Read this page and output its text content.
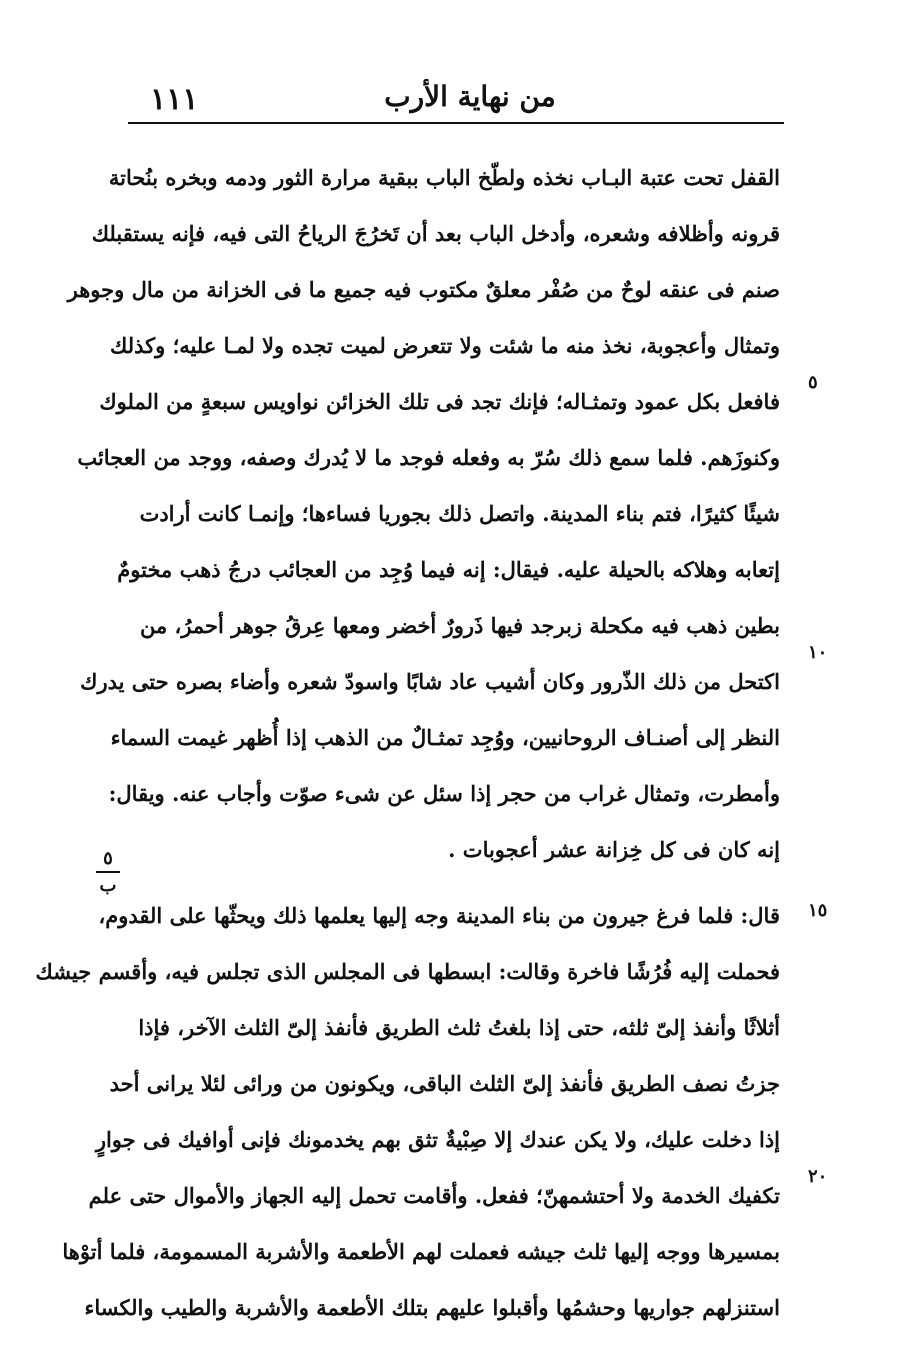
١١١	من نهاية الأرب
القفل تحت عتبة البـاب نخذه ولطّخ الباب ببقية مرارة الثور ودمه وبخره بنُحاتة
قرونه وأظلافه وشعره، وأدخل الباب بعد أن تَخرُجَ الرياحُ التى فيه، فإنه يستقبلك
صنم فى عنقه لوحٌ من صُفْر معلقٌ مكتوب فيه جميع ما فى الخزانة من مال وجوهر
وتمثال وأعجوبة، نخذ منه ما شئت ولا تتعرض لميت تجده ولا لمـا عليه؛ وكذلك
فافعل بكل عمود وتمثـاله؛ فإنك تجد فى تلك الخزائن نواويس سبعةٍ من الملوك
وكنوزَهم. فلما سمع ذلك سُرّ به وفعله فوجد ما لا يُدرك وصفه، ووجد من العجائب
شيئًا كثيرًا، فتم بناء المدينة. واتصل ذلك بجوريا فساءها؛ وإنمـا كانت أرادت
إتعابه وهلاكه بالحيلة عليه. فيقال: إنه فيما وُجِد من العجائب درجُ ذهب مختومٌ
بطين ذهب فيه مكحلة زبرجد فيها ذَرورٌ أخضر ومعها عِرقُ جوهر أحمرُ، من
اكتحل من ذلك الذّرور وكان أشيب عاد شابًا واسودّ شعره وأضاء بصره حتى يدرك
النظر إلى أصنـاف الروحانيين، ووُجِد تمثـالٌ من الذهب إذا أُظهر غيمت السماء
وأمطرت، وتمثال غراب من حجر إذا سئل عن شىء صوّت وأجاب عنه. ويقال:
إنه كان فى كل خِزانة عشر أعجوبات .
قال: فلما فرغ جيرون من بناء المدينة وجه إليها يعلمها ذلك ويحثّها على القدوم،
فحملت إليه فُرُشًا فاخرة وقالت: ابسطها فى المجلس الذى تجلس فيه، وأقسم جيشك
أثلاثًا وأنفذ إلىّ ثلثه، حتى إذا بلغتُ ثلث الطريق فأنفذ إلىّ الثلث الآخر، فإذا
جزتُ نصف الطريق فأنفذ إلىّ الثلث الباقى، ويكونون من ورائى لئلا يرانى أحد
إذا دخلت عليك، ولا يكن عندك إلا صِبْيةٌ تثق بهم يخدمونك فإنى أوافيك فى جوارٍ
تكفيك الخدمة ولا أحتشمهنّ؛ ففعل. وأقامت تحمل إليه الجهاز والأموال حتى علم
بمسيرها ووجه إليها ثلث جيشه فعملت لهم الأطعمة والأشربة المسمومة، فلما أتوْها
استنزلهم جواريها وحشمُها وأقبلوا عليهم بتلك الأطعمة والأشربة والطيب والكساء
٥
١٠
١٥
٢٠
٥
ب
